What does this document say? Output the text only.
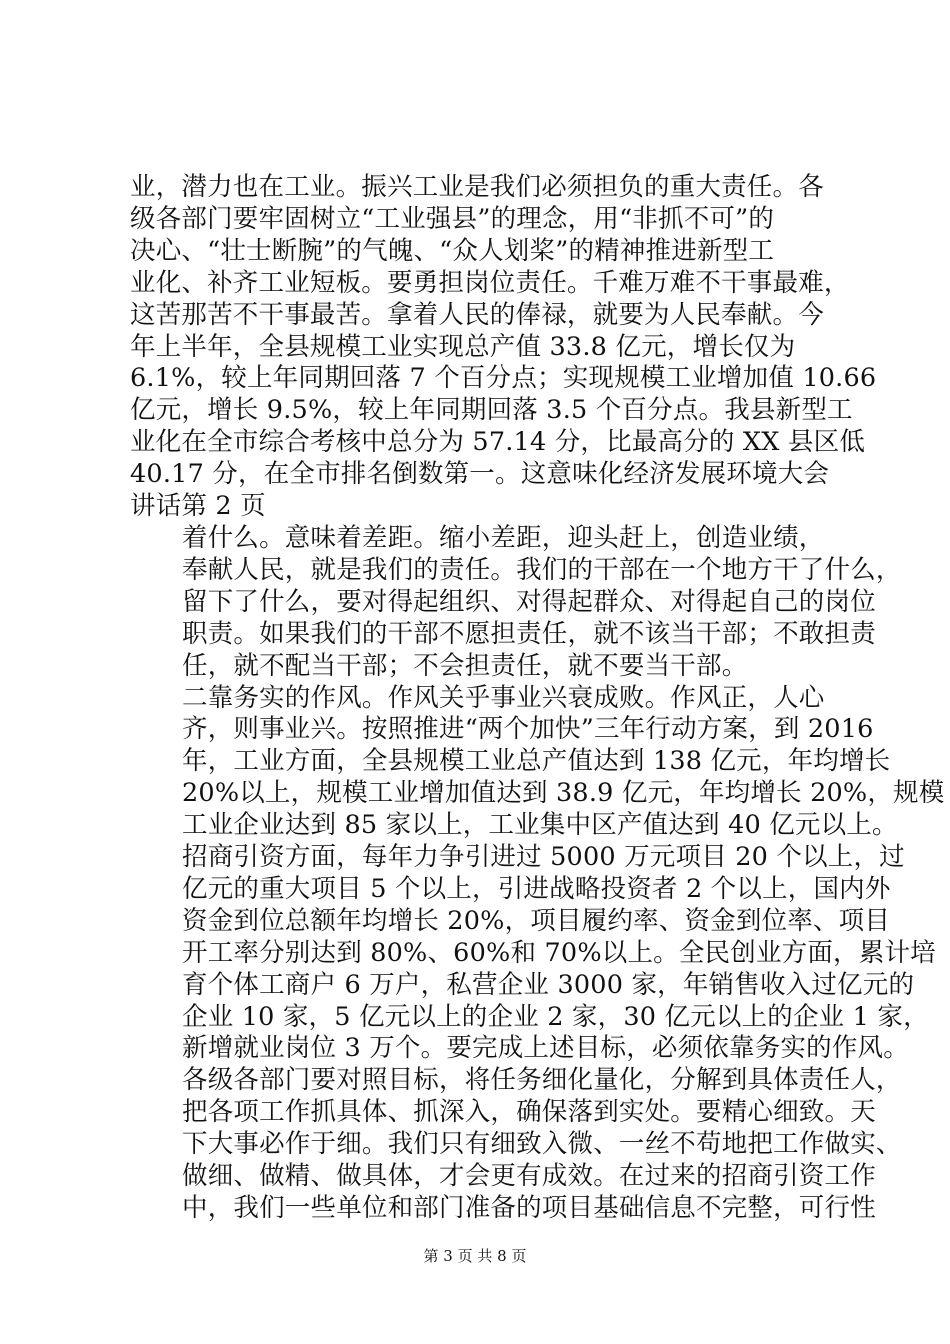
业，潜力也在工业。振兴工业是我们必须担负的重大责任。各
级各部门要牢固树立“工业强县”的理念，用“非抓不可”的
决心、“壮士断腕”的气魄、“众人划桨”的精神推进新型工
业化、补齐工业短板。要勇担岗位责任。千难万难不干事最难，
这苦那苦不干事最苦。拿着人民的俸禄，就要为人民奉献。今
年上半年，全县规模工业实现总产值 33.8 亿元，增长仅为
6.1%，较上年同期回落 7 个百分点；实现规模工业增加值 10.66
亿元，增长 9.5%，较上年同期回落 3.5 个百分点。我县新型工
业化在全市综合考核中总分为 57.14 分，比最高分的 XX 县区低
40.17 分，在全市排名倒数第一。这意味化经济发展环境大会
讲话第 2 页

着什么。意味着差距。缩小差距，迎头赶上，创造业绩，
奉献人民，就是我们的责任。我们的干部在一个地方干了什么，
留下了什么，要对得起组织、对得起群众、对得起自己的岗位
职责。如果我们的干部不愿担责任，就不该当干部；不敢担责
任，就不配当干部；不会担责任，就不要当干部。

二靠务实的作风。作风关乎事业兴衰成败。作风正，人心
齐，则事业兴。按照推进“两个加快”三年行动方案，到 2016
年，工业方面，全县规模工业总产值达到 138 亿元，年均增长
20%以上，规模工业增加值达到 38.9 亿元，年均增长 20%，规模
工业企业达到 85 家以上，工业集中区产值达到 40 亿元以上。
招商引资方面，每年力争引进过 5000 万元项目 20 个以上，过
亿元的重大项目 5 个以上，引进战略投资者 2 个以上，国内外
资金到位总额年均增长 20%，项目履约率、资金到位率、项目
开工率分别达到 80%、60%和 70%以上。全民创业方面，累计培
育个体工商户 6 万户，私营企业 3000 家，年销售收入过亿元的
企业 10 家，5 亿元以上的企业 2 家，30 亿元以上的企业 1 家，
新增就业岗位 3 万个。要完成上述目标，必须依靠务实的作风。
各级各部门要对照目标，将任务细化量化，分解到具体责任人，
把各项工作抓具体、抓深入，确保落到实处。要精心细致。天
下大事必作于细。我们只有细致入微、一丝不苟地把工作做实、
做细、做精、做具体，才会更有成效。在过来的招商引资工作
中，我们一些单位和部门准备的项目基础信息不完整，可行性

第 3 页 共 8 页
